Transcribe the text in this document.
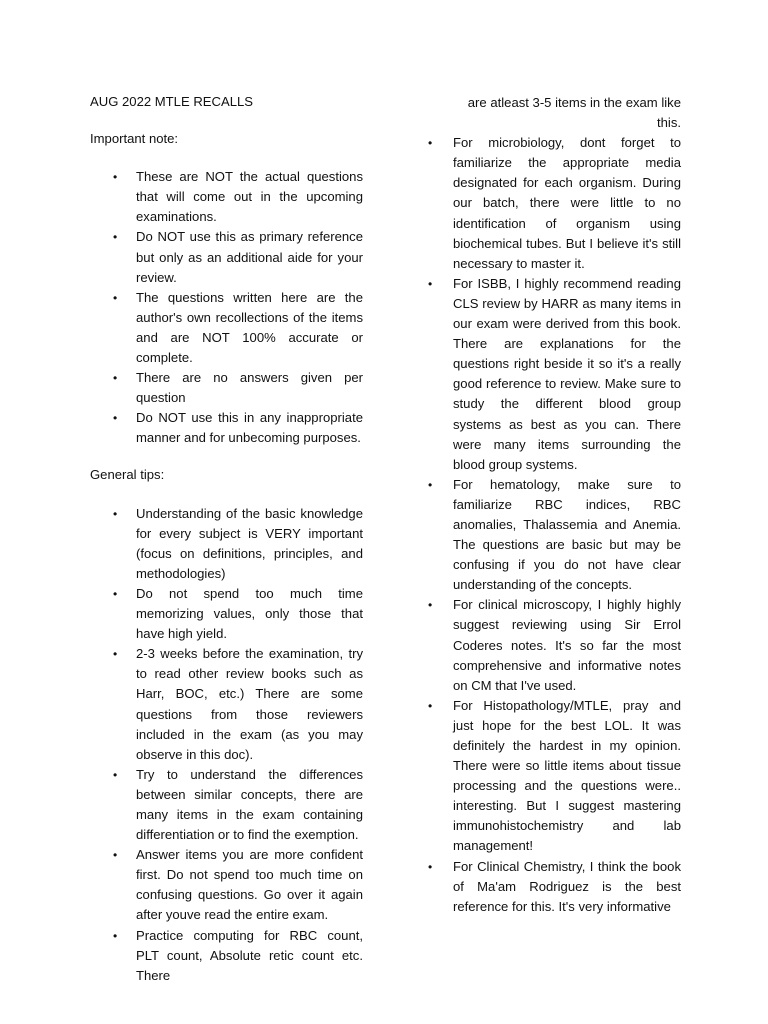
AUG 2022 MTLE RECALLS

Important note:

• These are NOT the actual questions that will come out in the upcoming examinations.
• Do NOT use this as primary reference but only as an additional aide for your review.
• The questions written here are the author's own recollections of the items and are NOT 100% accurate or complete.
• There are no answers given per question
• Do NOT use this in any inappropriate manner and for unbecoming purposes.

General tips:

• Understanding of the basic knowledge for every subject is VERY important (focus on definitions, principles, and methodologies)
• Do not spend too much time memorizing values, only those that have high yield.
• 2-3 weeks before the examination, try to read other review books such as Harr, BOC, etc.) There are some questions from those reviewers included in the exam (as you may observe in this doc).
• Try to understand the differences between similar concepts, there are many items in the exam containing differentiation or to find the exemption.
• Answer items you are more confident first. Do not spend too much time on confusing questions. Go over it again after youve read the entire exam.
• Practice computing for RBC count, PLT count, Absolute retic count etc. There

are atleast 3-5 items in the exam like this.

• For microbiology, dont forget to familiarize the appropriate media designated for each organism. During our batch, there were little to no identification of organism using biochemical tubes. But I believe it's still necessary to master it.
• For ISBB, I highly recommend reading CLS review by HARR as many items in our exam were derived from this book. There are explanations for the questions right beside it so it's a really good reference to review. Make sure to study the different blood group systems as best as you can. There were many items surrounding the blood group systems.
• For hematology, make sure to familiarize RBC indices, RBC anomalies, Thalassemia and Anemia. The questions are basic but may be confusing if you do not have clear understanding of the concepts.
• For clinical microscopy, I highly highly suggest reviewing using Sir Errol Coderes notes. It's so far the most comprehensive and informative notes on CM that I've used.
• For Histopathology/MTLE, pray and just hope for the best LOL. It was definitely the hardest in my opinion. There were so little items about tissue processing and the questions were.. interesting. But I suggest mastering immunohistochemistry and lab management!
• For Clinical Chemistry, I think the book of Ma'am Rodriguez is the best reference for this. It's very informative
